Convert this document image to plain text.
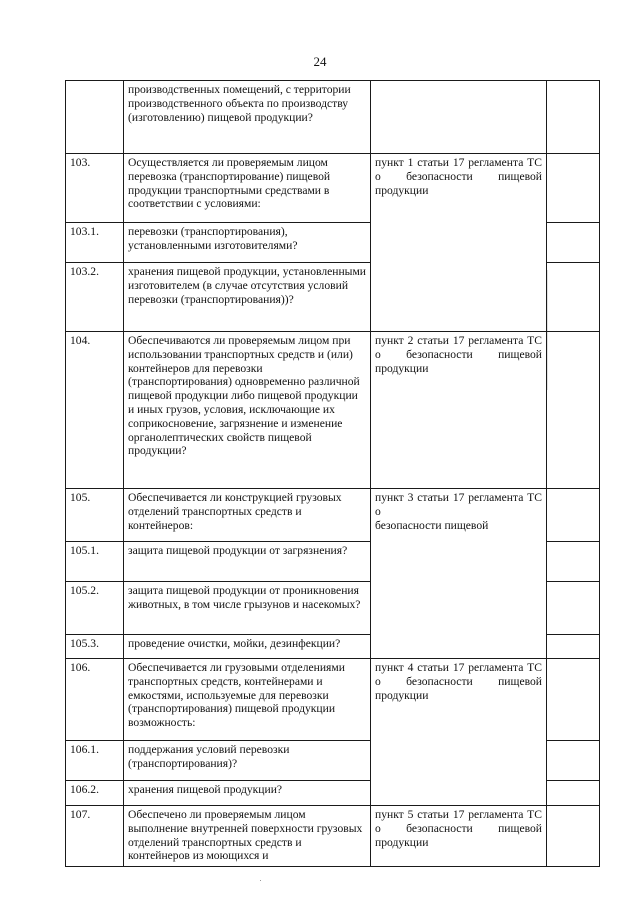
24
	производственных помещений, с территории производственного объекта по производству (изготовлению) пищевой продукции?		
103.	Осуществляется ли проверяемым лицом перевозка (транспортирование) пищевой продукции транспортными средствами в соответствии с условиями:	пункт 1 статьи 17 регламента ТС о безопасности пищевой
продукции	

103.1.	перевозки (транспортирования), установленными изготовителями?		
103.2.	хранения пищевой продукции, установленными изготовителем (в случае отсутствия условий перевозки (транспортирования))?		
104.	Обеспечиваются ли проверяемым лицом при использовании транспортных средств и (или) контейнеров для перевозки (транспортирования) одновременно различной пищевой продукции либо пищевой продукции и иных грузов, условия, исключающие их соприкосновение, загрязнение и изменение органолептических свойств пищевой продукции?	пункт 2 статьи 17 регламента ТС о безопасности пищевой
продукции	

105.	Обеспечивается ли конструкцией грузовых отделений транспортных средств и контейнеров:	пункт 3 статьи 17 регламента ТС о
безопасности пищевой	

105.1.	защита пищевой продукции от загрязнения?		
105.2.	защита пищевой продукции от проникновения животных, в том числе грызунов и насекомых?		
105.3.	проведение очистки, мойки, дезинфекции?		
106.	Обеспечивается ли грузовыми отделениями транспортных средств, контейнерами и емкостями, используемые для перевозки (транспортирования) пищевой продукции возможность:	пункт 4 статьи 17 регламента ТС о безопасности пищевой
продукции	

106.1.	поддержания условий перевозки (транспортирования)?		
106.2.	хранения пищевой продукции?		
107.	Обеспечено ли проверяемым лицом выполнение внутренней поверхности грузовых отделений транспортных средств и контейнеров из моющихся и	пункт 5 статьи 17 регламента ТС о безопасности пищевой
продукции	
